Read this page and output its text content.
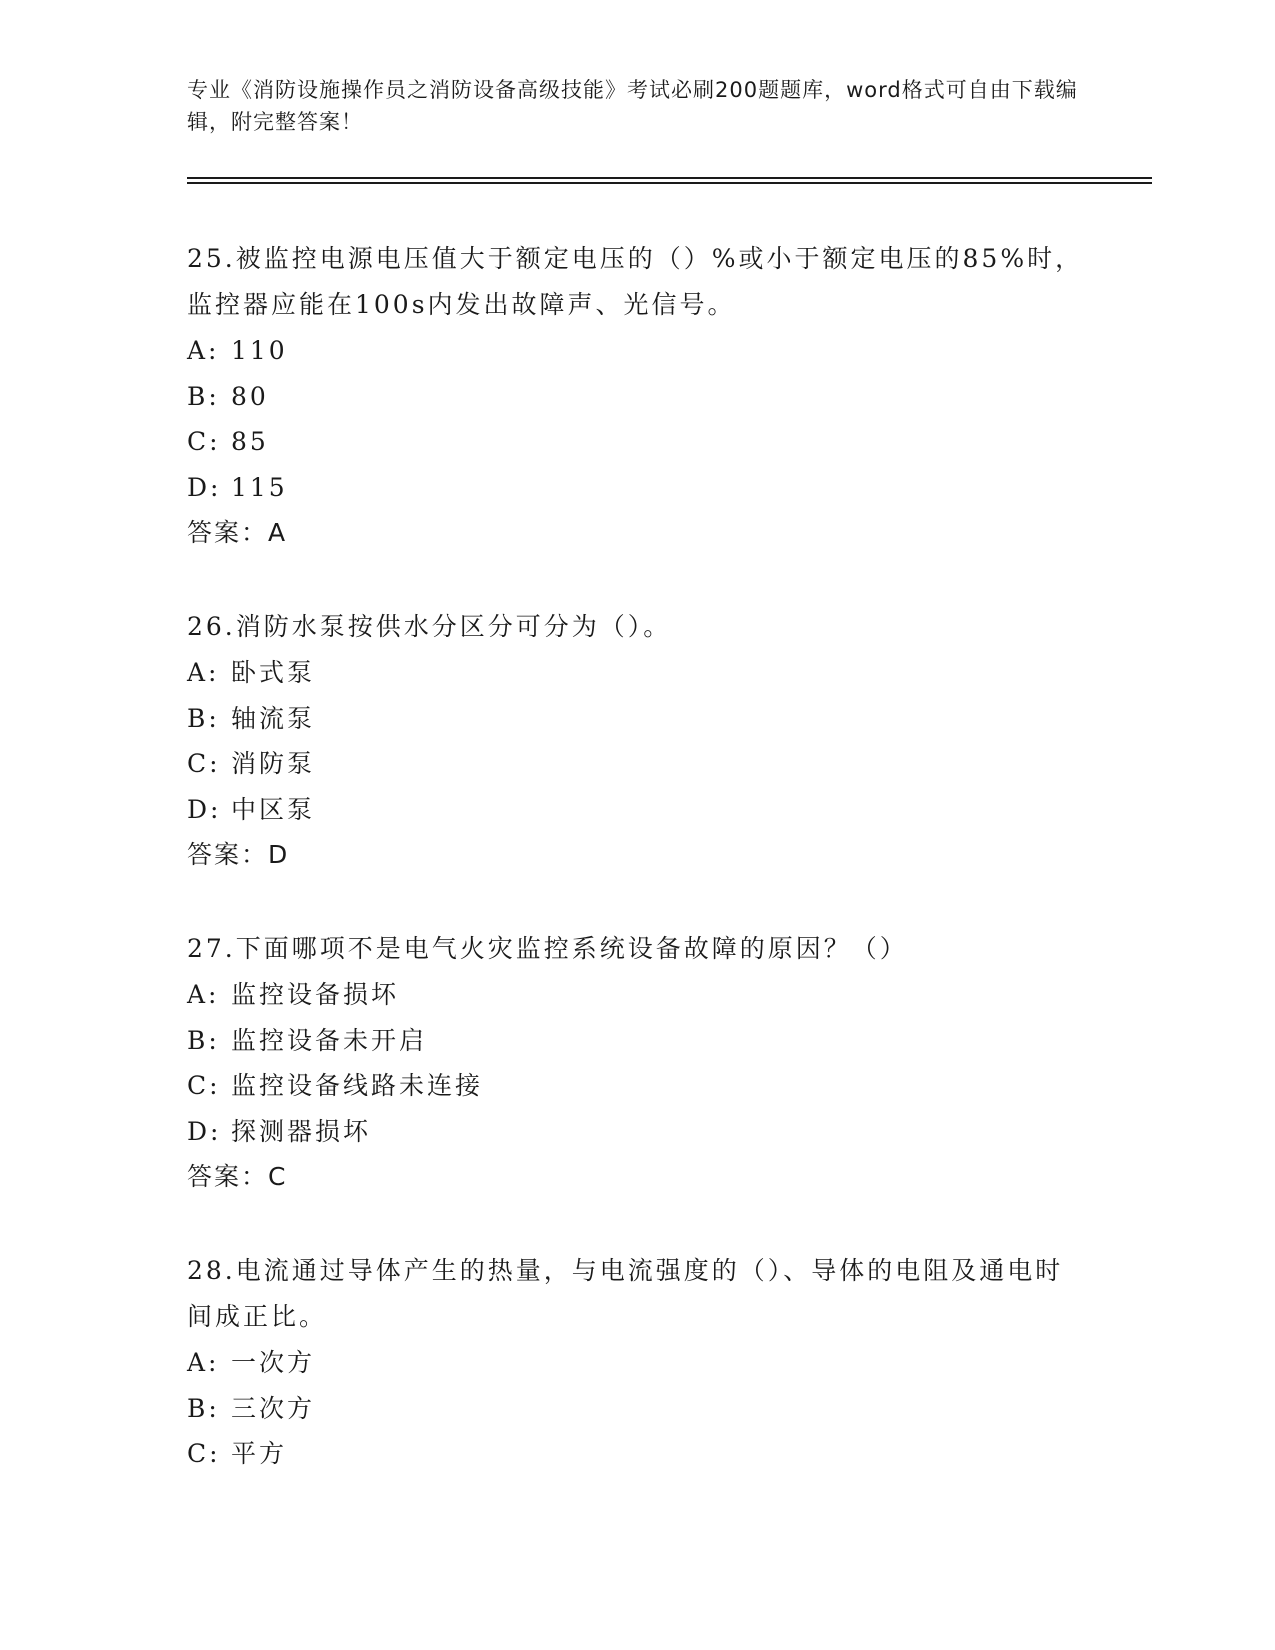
专业《消防设施操作员之消防设备高级技能》考试必刷200题题库，word格式可自由下载编辑，附完整答案！

25.被监控电源电压值大于额定电压的（）%或小于额定电压的85%时，监控器应能在100s内发出故障声、光信号。

A: 110

B: 80

C: 85

D: 115

答案：A

26.消防水泵按供水分区分可分为（）。

A: 卧式泵

B: 轴流泵

C: 消防泵

D: 中区泵

答案：D

27.下面哪项不是电气火灾监控系统设备故障的原因？（）

A: 监控设备损坏

B: 监控设备未开启

C: 监控设备线路未连接

D: 探测器损坏

答案：C

28.电流通过导体产生的热量，与电流强度的（）、导体的电阻及通电时间成正比。

A: 一次方

B: 三次方

C: 平方
